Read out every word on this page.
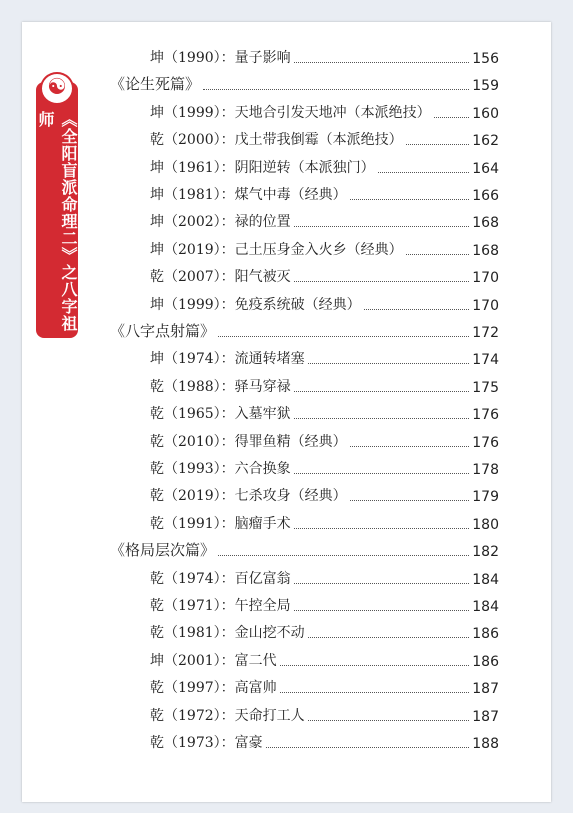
☯
《全阳盲派命理二》之八字祖师
坤（1990）：量子影响	156
《论生死篇》	159
坤（1999）：天地合引发天地冲（本派绝技）	160
乾（2000）：戊土带我倒霉（本派绝技）	162
坤（1961）：阴阳逆转（本派独门）	164
坤（1981）：煤气中毒（经典）	166
坤（2002）：禄的位置	168
坤（2019）：己土压身金入火乡（经典）	168
乾（2007）：阳气被灭	170
坤（1999）：免疫系统破（经典）	170
《八字点射篇》	172
坤（1974）：流通转堵塞	174
乾（1988）：驿马穿禄	175
乾（1965）：入墓牢狱	176
乾（2010）：得罪鱼精（经典）	176
乾（1993）：六合换象	178
乾（2019）：七杀攻身（经典）	179
乾（1991）：脑瘤手术	180
《格局层次篇》	182
乾（1974）：百亿富翁	184
乾（1971）：午控全局	184
乾（1981）：金山挖不动	186
坤（2001）：富二代	186
乾（1997）：高富帅	187
乾（1972）：天命打工人	187
乾（1973）：富豪	188
